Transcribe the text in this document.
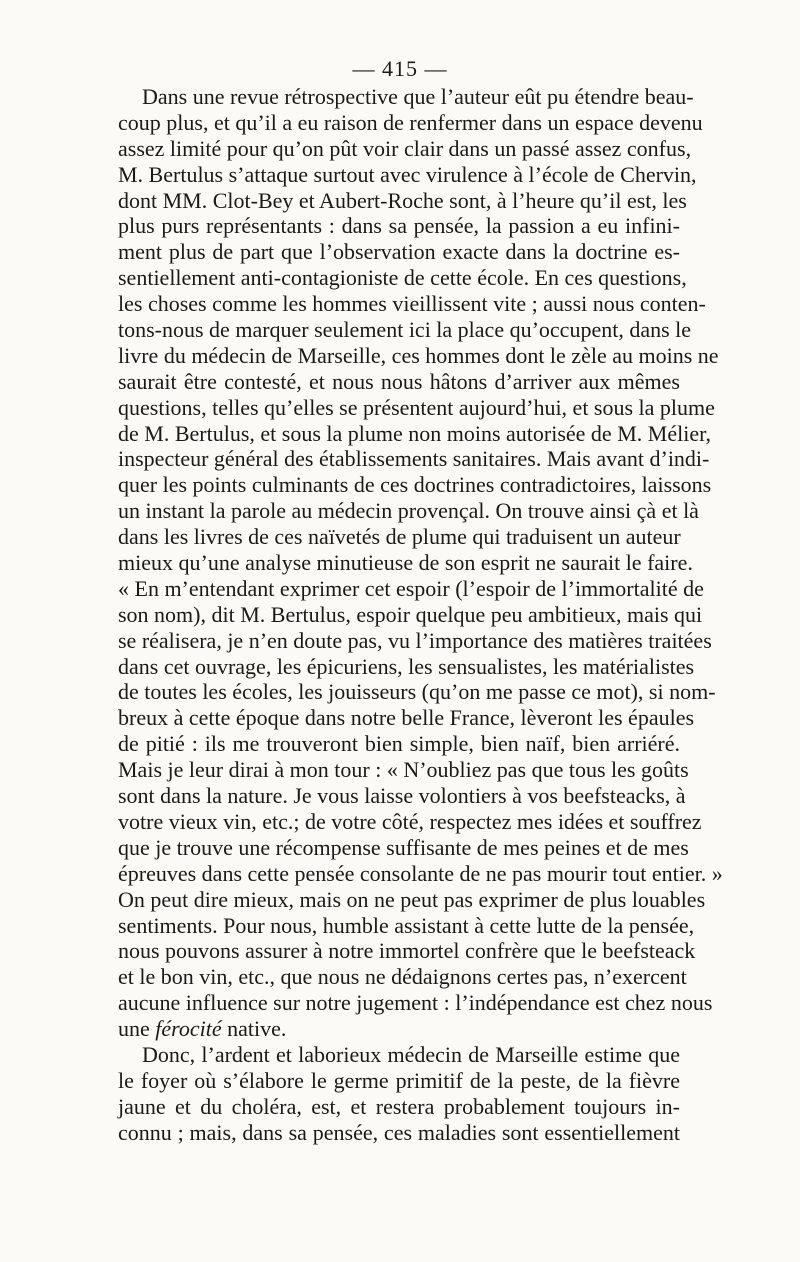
— 415 —
Dans une revue rétrospective que l’auteur eût pu étendre beau-
coup plus, et qu’il a eu raison de renfermer dans un espace devenu
assez limité pour qu’on pût voir clair dans un passé assez confus,
M. Bertulus s’attaque surtout avec virulence à l’école de Chervin,
dont MM. Clot-Bey et Aubert-Roche sont, à l’heure qu’il est, les
plus purs représentants : dans sa pensée, la passion a eu infini-
ment plus de part que l’observation exacte dans la doctrine es-
sentiellement anti-contagioniste de cette école. En ces questions,
les choses comme les hommes vieillissent vite ; aussi nous conten-
tons-nous de marquer seulement ici la place qu’occupent, dans le
livre du médecin de Marseille, ces hommes dont le zèle au moins ne
saurait être contesté, et nous nous hâtons d’arriver aux mêmes
questions, telles qu’elles se présentent aujourd’hui, et sous la plume
de M. Bertulus, et sous la plume non moins autorisée de M. Mélier,
inspecteur général des établissements sanitaires. Mais avant d’indi-
quer les points culminants de ces doctrines contradictoires, laissons
un instant la parole au médecin provençal. On trouve ainsi çà et là
dans les livres de ces naïvetés de plume qui traduisent un auteur
mieux qu’une analyse minutieuse de son esprit ne saurait le faire.
« En m’entendant exprimer cet espoir (l’espoir de l’immortalité de
son nom), dit M. Bertulus, espoir quelque peu ambitieux, mais qui
se réalisera, je n’en doute pas, vu l’importance des matières traitées
dans cet ouvrage, les épicuriens, les sensualistes, les matérialistes
de toutes les écoles, les jouisseurs (qu’on me passe ce mot), si nom-
breux à cette époque dans notre belle France, lèveront les épaules
de pitié : ils me trouveront bien simple, bien naïf, bien arriéré.
Mais je leur dirai à mon tour : « N’oubliez pas que tous les goûts
sont dans la nature. Je vous laisse volontiers à vos beefsteacks, à
votre vieux vin, etc.; de votre côté, respectez mes idées et souffrez
que je trouve une récompense suffisante de mes peines et de mes
épreuves dans cette pensée consolante de ne pas mourir tout entier. »
On peut dire mieux, mais on ne peut pas exprimer de plus louables
sentiments. Pour nous, humble assistant à cette lutte de la pensée,
nous pouvons assurer à notre immortel confrère que le beefsteack
et le bon vin, etc., que nous ne dédaignons certes pas, n’exercent
aucune influence sur notre jugement : l’indépendance est chez nous
une férocité native.
Donc, l’ardent et laborieux médecin de Marseille estime que
le foyer où s’élabore le germe primitif de la peste, de la fièvre
jaune et du choléra, est, et restera probablement toujours in-
connu ; mais, dans sa pensée, ces maladies sont essentiellement
